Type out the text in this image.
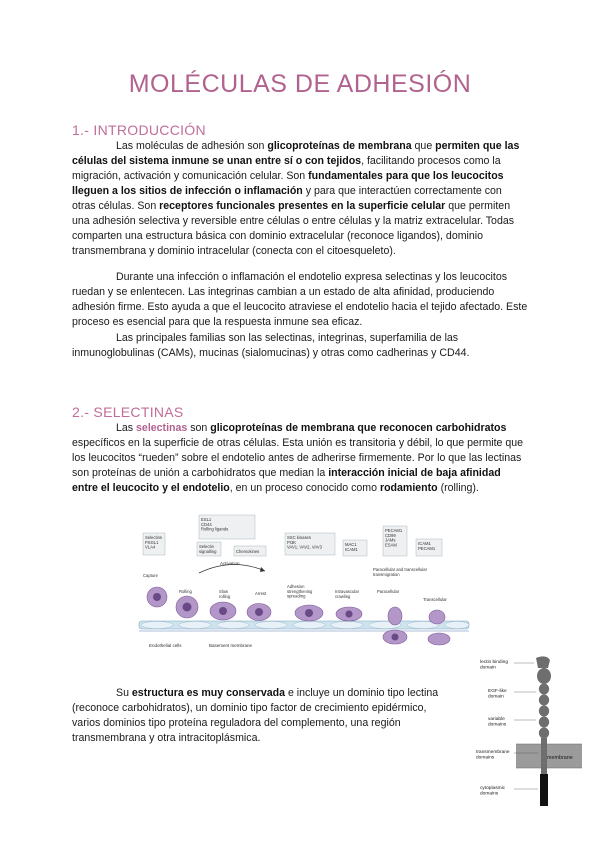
MOLÉCULAS DE ADHESIÓN
1.- INTRODUCCIÓN
Las moléculas de adhesión son glicoproteínas de membrana que permiten que las células del sistema inmune se unan entre sí o con tejidos, facilitando procesos como la migración, activación y comunicación celular. Son fundamentales para que los leucocitos lleguen a los sitios de infección o inflamación y para que interactúen correctamente con otras células. Son receptores funcionales presentes en la superficie celular que permiten una adhesión selectiva y reversible entre células o entre células y la matriz extracelular. Todas comparten una estructura básica con dominio extracelular (reconoce ligandos), dominio transmembrana y dominio intracelular (conecta con el citoesqueleto).
Durante una infección o inflamación el endotelio expresa selectinas y los leucocitos ruedan y se enlentecen. Las integrinas cambian a un estado de alta afinidad, produciendo adhesión firme. Esto ayuda a que el leucocito atraviese el endotelio hacia el tejido afectado. Este proceso es esencial para que la respuesta inmune sea eficaz.
Las principales familias son las selectinas, integrinas, superfamilia de las inmunoglobulinas (CAMs), mucinas (sialomucinas) y otras como cadherinas y CD44.
2.- SELECTINAS
Las selectinas son glicoproteínas de membrana que reconocen carbohidratos específicos en la superficie de otras células. Esta unión es transitoria y débil, lo que permite que los leucocitos “rueden” sobre el endotelio antes de adherirse firmemente. Por lo que las lectinas son proteínas de unión a carbohidratos que median la interacción inicial de baja afinidad entre el leucocito y el endotelio, en un proceso conocido como rodamiento (rolling).
Selectins PSGL1 VLA4
ESL1 CD44 Rolling ligands
Selectin signalling	Chemokines
SSC kinases PI3K VAV1, VAV2, VAV3
MAC1 ICAM1
PECAM1 CD99 JAMs ESAM	ICAM1 PECAM1
Activation
Capture
Rolling	Slow rolling
Arrest
Adhesion strengthening spreading
Intravascular crawling
Paracellular
Transcellular
Paracellular and transcellular transmigration
Endothelial cells	Basement membrane
Su estructura es muy conservada e incluye un dominio tipo lectina (reconoce carbohidratos), un dominio tipo factor de crecimiento epidérmico, varios dominios tipo proteína reguladora del complemento, una región transmembrana y otra intracitoplásmica.
membrane
lectin binding domain
EGF-like domain
variable domains
transmembrane domains
cytoplasmic domains
